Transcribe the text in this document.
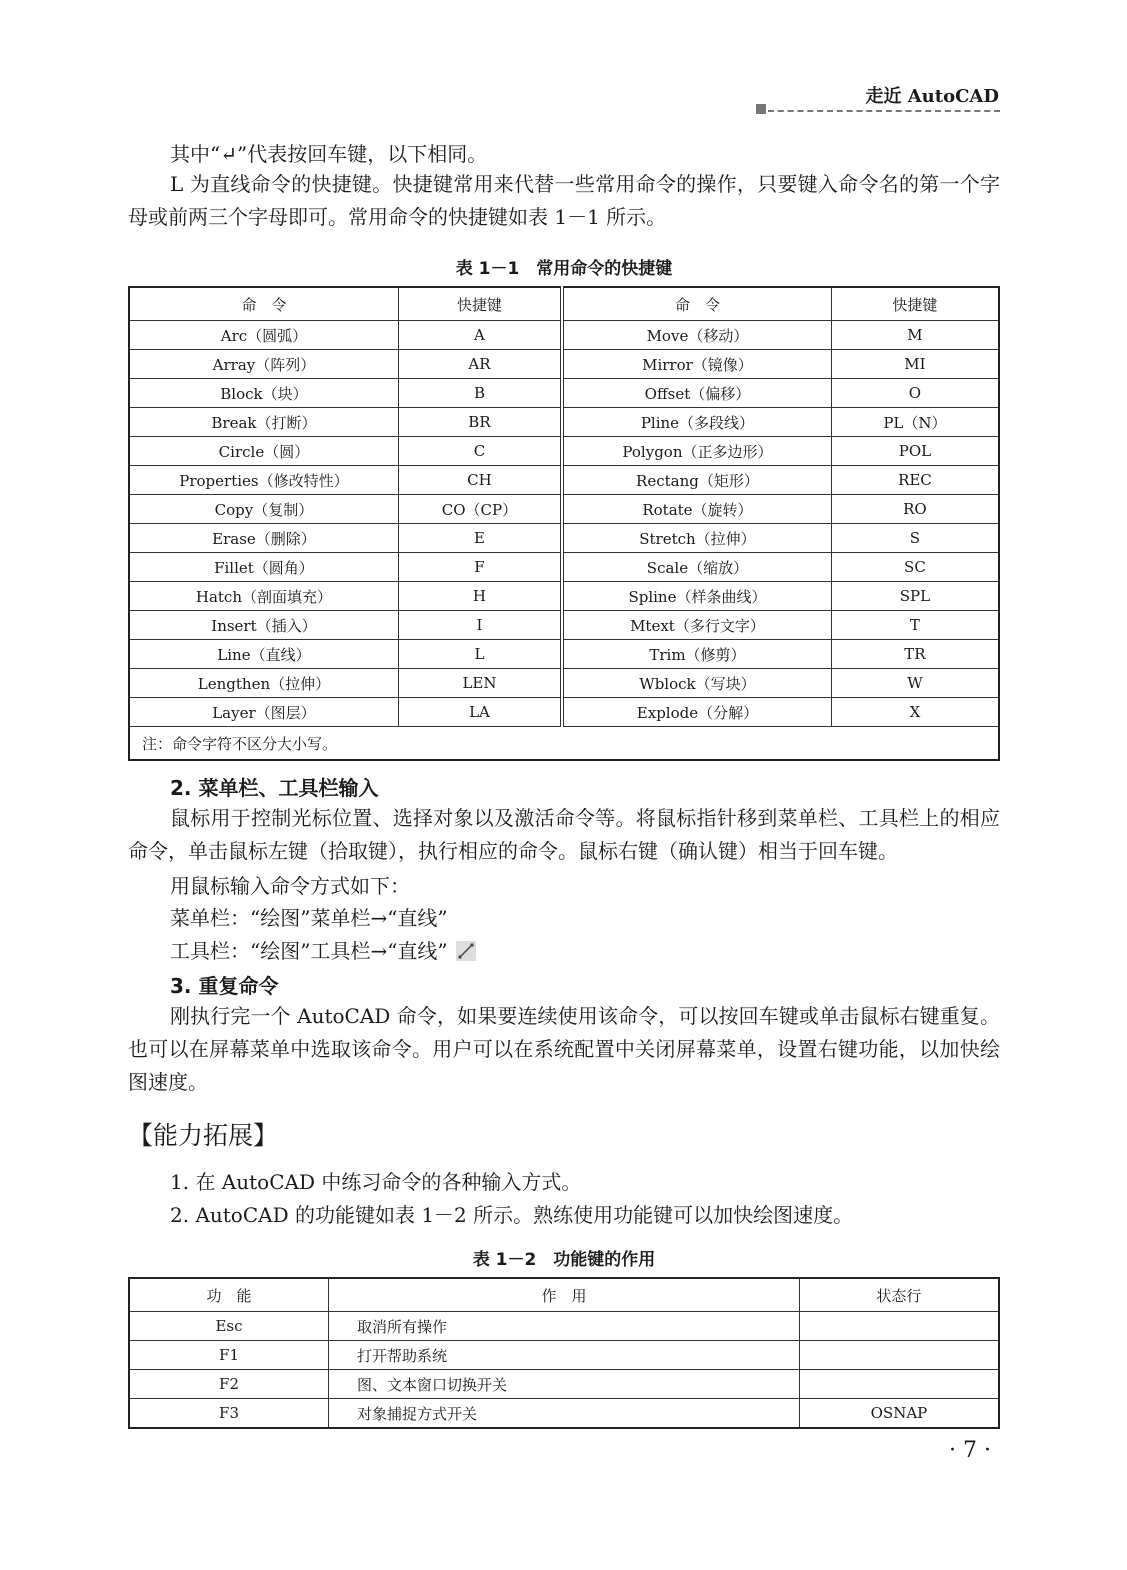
走近 AutoCAD

其中“↵”代表按回车键，以下相同。

L 为直线命令的快捷键。快捷键常用来代替一些常用命令的操作，只要键入命令名的第一个字母或前两三个字母即可。常用命令的快捷键如表 1－1 所示。

表 1－1　常用命令的快捷键

命　令	快捷键	命　令	快捷键
Arc（圆弧）	A	Move（移动）	M
Array（阵列）	AR	Mirror（镜像）	MI
Block（块）	B	Offset（偏移）	O
Break（打断）	BR	Pline（多段线）	PL（N）
Circle（圆）	C	Polygon（正多边形）	POL
Properties（修改特性）	CH	Rectang（矩形）	REC
Copy（复制）	CO（CP）	Rotate（旋转）	RO
Erase（删除）	E	Stretch（拉伸）	S
Fillet（圆角）	F	Scale（缩放）	SC
Hatch（剖面填充）	H	Spline（样条曲线）	SPL
Insert（插入）	I	Mtext（多行文字）	T
Line（直线）	L	Trim（修剪）	TR
Lengthen（拉伸）	LEN	Wblock（写块）	W
Layer（图层）	LA	Explode（分解）	X
注：命令字符不区分大小写。			

2. 菜单栏、工具栏输入

鼠标用于控制光标位置、选择对象以及激活命令等。将鼠标指针移到菜单栏、工具栏上的相应命令，单击鼠标左键（拾取键），执行相应的命令。鼠标右键（确认键）相当于回车键。

用鼠标输入命令方式如下：

菜单栏：“绘图”菜单栏→“直线”

工具栏：“绘图”工具栏→“直线”

3. 重复命令

刚执行完一个 AutoCAD 命令，如果要连续使用该命令，可以按回车键或单击鼠标右键重复。也可以在屏幕菜单中选取该命令。用户可以在系统配置中关闭屏幕菜单，设置右键功能，以加快绘图速度。

【能力拓展】

1. 在 AutoCAD 中练习命令的各种输入方式。

2. AutoCAD 的功能键如表 1－2 所示。熟练使用功能键可以加快绘图速度。

表 1－2　功能键的作用

功　能	作　用	状态行
Esc	取消所有操作	
F1	打开帮助系统	
F2	图、文本窗口切换开关	
F3	对象捕捉方式开关	OSNAP
· 7 ·
